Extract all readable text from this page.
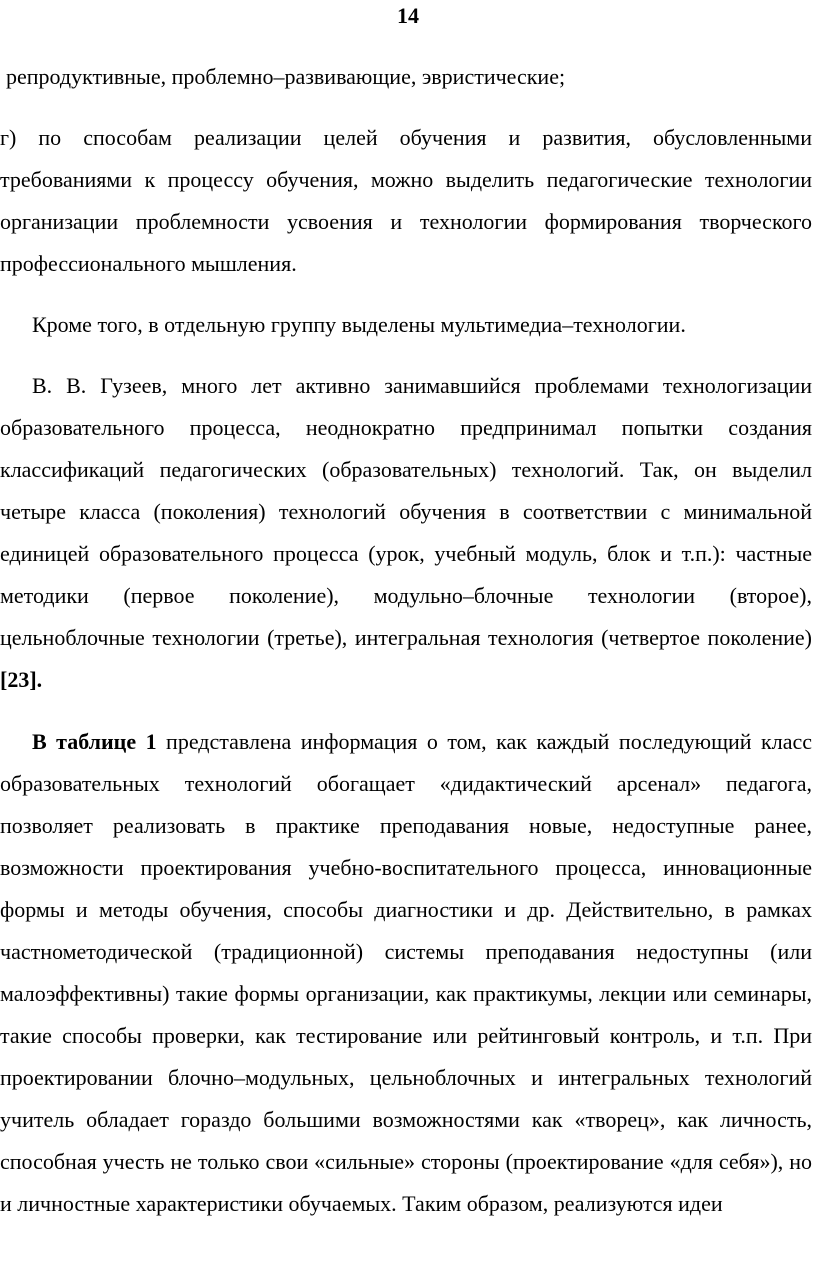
14

репродуктивные, проблемно–развивающие, эвристические;

г) по способам реализации целей обучения и развития, обусловленными требованиями к процессу обучения, можно выделить педагогические технологии организации проблемности усвоения и технологии формирования творческого профессионального мышления.

Кроме того, в отдельную группу выделены мультимедиа–технологии.

В. В. Гузеев, много лет активно занимавшийся проблемами технологизации образовательного процесса, неоднократно предпринимал попытки создания классификаций педагогических (образовательных) технологий. Так, он выделил четыре класса (поколения) технологий обучения в соответствии с минимальной единицей образовательного процесса (урок, учебный модуль, блок и т.п.): частные методики (первое поколение), модульно–блочные технологии (второе), цельноблочные технологии (третье), интегральная технология (четвертое поколение) [23].

В таблице 1 представлена информация о том, как каждый последующий класс образовательных технологий обогащает «дидактический арсенал» педагога, позволяет реализовать в практике преподавания новые, недоступные ранее, возможности проектирования учебно-воспитательного процесса, инновационные формы и методы обучения, способы диагностики и др. Действительно, в рамках частнометодической (традиционной) системы преподавания недоступны (или малоэффективны) такие формы организации, как практикумы, лекции или семинары, такие способы проверки, как тестирование или рейтинговый контроль, и т.п. При проектировании блочно–модульных, цельноблочных и интегральных технологий учитель обладает гораздо большими возможностями как «творец», как личность, способная учесть не только свои «сильные» стороны (проектирование «для себя»), но и личностные характеристики обучаемых. Таким образом, реализуются идеи
